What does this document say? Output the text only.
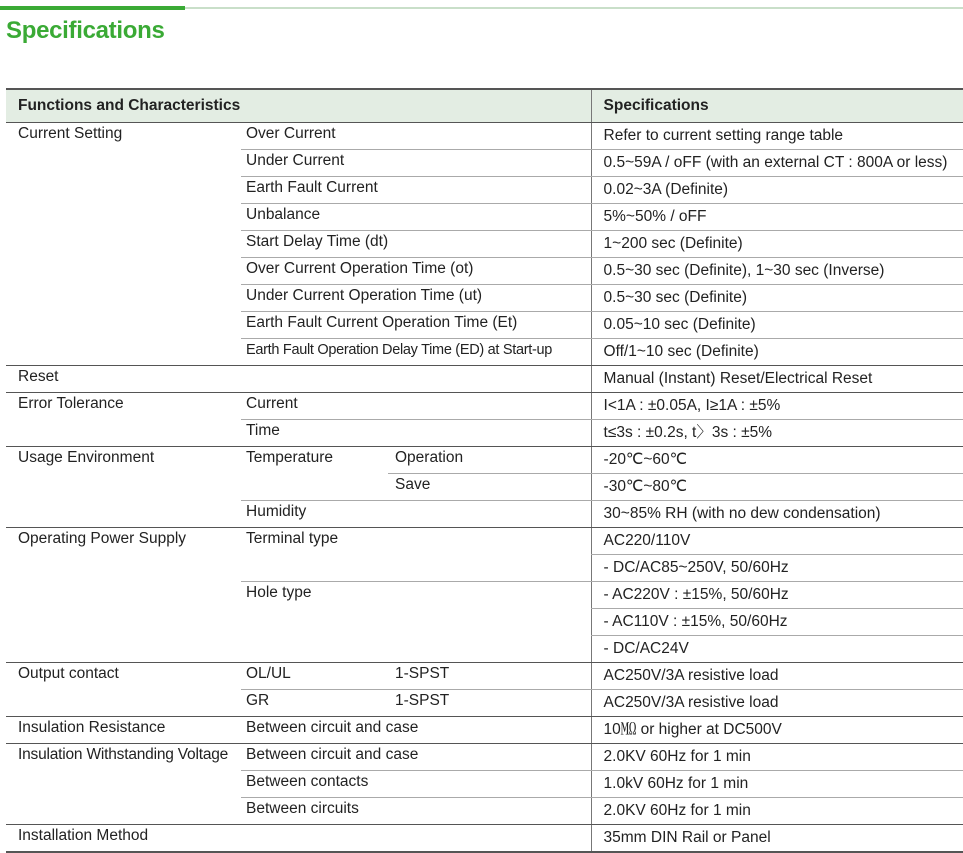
Specifications
Functions and Characteristics			Specifications
Current Setting	Over Current		Refer to current setting range table
	Under Current		0.5~59A / oFF (with an external CT : 800A or less)
	Earth Fault Current		0.02~3A (Definite)
	Unbalance		5%~50% / oFF
	Start Delay Time (dt)		1~200 sec (Definite)
	Over Current Operation Time (ot)		0.5~30 sec (Definite), 1~30 sec (Inverse)
	Under Current Operation Time (ut)		0.5~30 sec (Definite)
	Earth Fault Current Operation Time (Et)		0.05~10 sec (Definite)
	Earth Fault Operation Delay Time (ED) at Start-up		Off/1~10 sec (Definite)
Reset			Manual (Instant) Reset/Electrical Reset
Error Tolerance	Current		I<1A : ±0.05A, I≥1A : ±5%
	Time		t≤3s : ±0.2s, t〉3s : ±5%
Usage Environment	Temperature	Operation	-20℃~60℃
		Save	-30℃~80℃
	Humidity		30~85% RH (with no dew condensation)
Operating Power Supply	Terminal type		AC220/110V
			- DC/AC85~250V, 50/60Hz
	Hole type		- AC220V : ±15%, 50/60Hz
			- AC110V : ±15%, 50/60Hz
			- DC/AC24V
Output contact	OL/UL	1-SPST	AC250V/3A resistive load
	GR	1-SPST	AC250V/3A resistive load
Insulation Resistance	Between circuit and case		10㏁ or higher at DC500V
Insulation Withstanding Voltage	Between circuit and case		2.0KV 60Hz for 1 min
	Between contacts		1.0kV 60Hz for 1 min
	Between circuits		2.0KV 60Hz for 1 min
Installation Method			35mm DIN Rail or Panel
